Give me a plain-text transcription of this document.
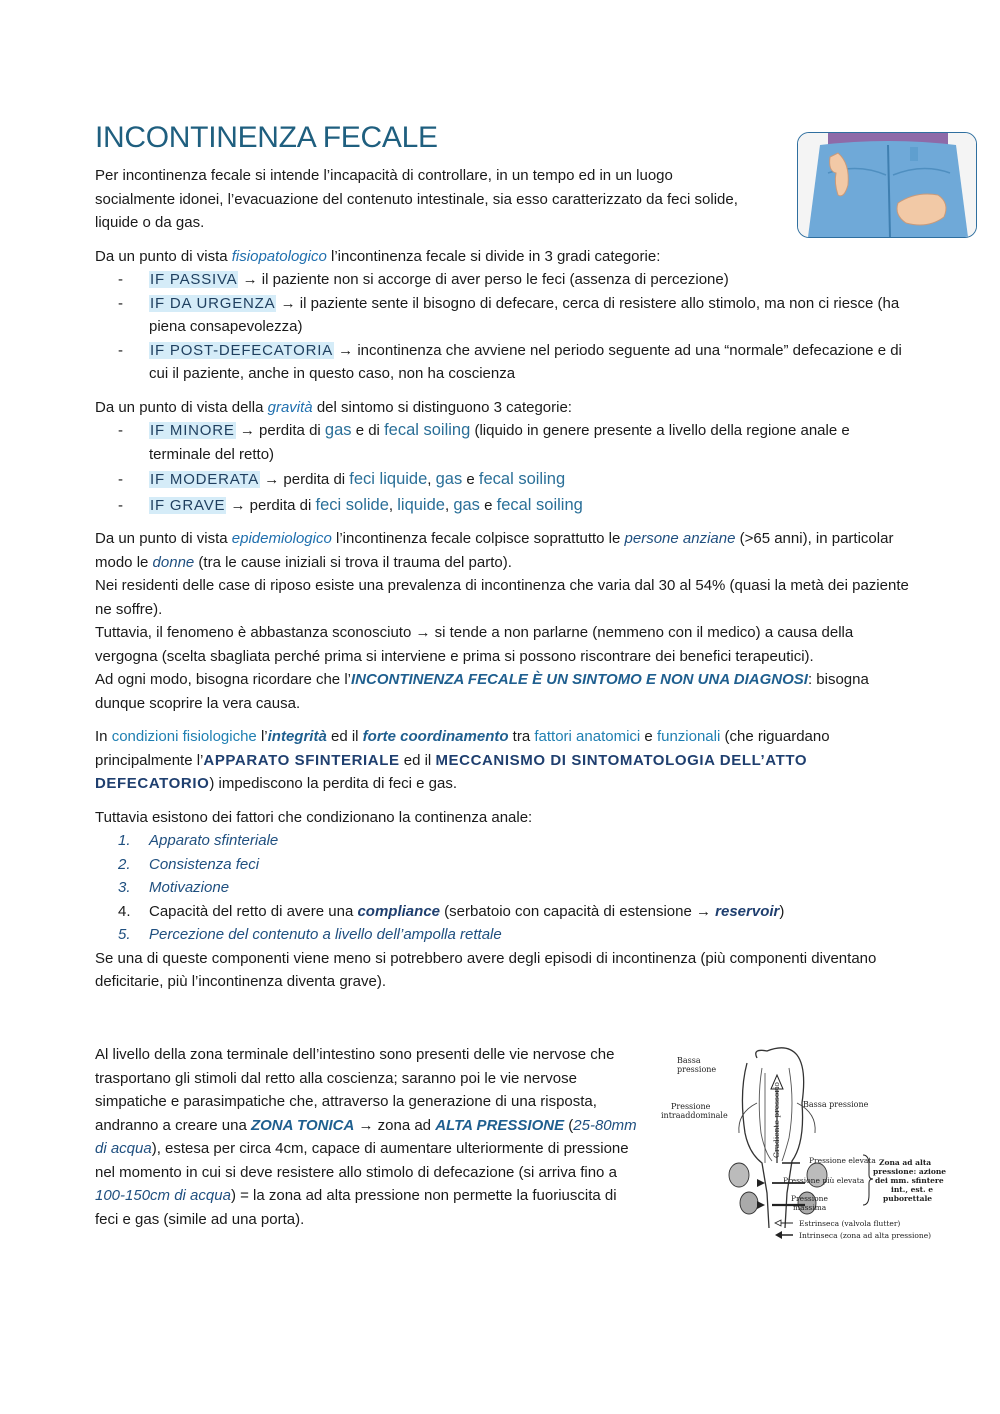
INCONTINENZA FECALE

Per incontinenza fecale si intende l’incapacità di controllare, in un tempo ed in un luogo socialmente idonei, l’evacuazione del contenuto intestinale, sia esso caratterizzato da feci solide, liquide o da gas.

Da un punto di vista fisiopatologico l’incontinenza fecale si divide in 3 gradi categorie:

- IF PASSIVA → il paziente non si accorge di aver perso le feci (assenza di percezione)
- IF DA URGENZA → il paziente sente il bisogno di defecare, cerca di resistere allo stimolo, ma non ci riesce (ha piena consapevolezza)
- IF POST-DEFECATORIA → incontinenza che avviene nel periodo seguente ad una “normale” defecazione e di cui il paziente, anche in questo caso, non ha coscienza

Da un punto di vista della gravità del sintomo si distinguono 3 categorie:

- IF MINORE → perdita di gas e di fecal soiling (liquido in genere presente a livello della regione anale e terminale del retto)
- IF MODERATA → perdita di feci liquide, gas e fecal soiling
- IF GRAVE → perdita di feci solide, liquide, gas e fecal soiling

Da un punto di vista epidemiologico l’incontinenza fecale colpisce soprattutto le persone anziane (>65 anni), in particolar modo le donne (tra le cause iniziali si trova il trauma del parto).

Nei residenti delle case di riposo esiste una prevalenza di incontinenza che varia dal 30 al 54% (quasi la metà dei paziente ne soffre).

Tuttavia, il fenomeno è abbastanza sconosciuto → si tende a non parlarne (nemmeno con il medico) a causa della vergogna (scelta sbagliata perché prima si interviene e prima si possono riscontrare dei benefici terapeutici).

Ad ogni modo, bisogna ricordare che l’INCONTINENZA FECALE È UN SINTOMO E NON UNA DIAGNOSI: bisogna dunque scoprire la vera causa.

In condizioni fisiologiche l’integrità ed il forte coordinamento tra fattori anatomici e funzionali (che riguardano principalmente l’APPARATO SFINTERIALE ed il MECCANISMO DI SINTOMATOLOGIA DELL’ATTO DEFECATORIO) impediscono la perdita di feci e gas.

Tuttavia esistono dei fattori che condizionano la continenza anale:

1. Apparato sfinteriale
2. Consistenza feci
3. Motivazione
4. Capacità del retto di avere una compliance (serbatoio con capacità di estensione → reservoir)
5. Percezione del contenuto a livello dell’ampolla rettale

Se una di queste componenti viene meno si potrebbero avere degli episodi di incontinenza (più componenti diventano deficitarie, più l’incontinenza diventa grave).

Al livello della zona terminale dell’intestino sono presenti delle vie nervose che trasportano gli stimoli dal retto alla coscienza; saranno poi le vie nervose simpatiche e parasimpatiche che, attraverso la generazione di una risposta, andranno a creare una ZONA TONICA → zona ad ALTA PRESSIONE (25-80mm di acqua), estesa per circa 4cm, capace di aumentare ulteriormente di pressione nel momento in cui si deve resistere allo stimolo di defecazione (si arriva fino a 100-150cm di acqua) = la zona ad alta pressione non permette la fuoriuscita di feci e gas (simile ad una porta).

Bassa
pressione
Pressione
intraaddominale	Gradiente pressorio	Bassa pressione
Pressione elevata
Pressione più elevata
Pressione
massima
Zona ad alta
pressione: azione
dei mm. sfintere
int., est. e
puborettale
Estrinseca (valvola flutter)
Intrinseca (zona ad alta pressione)
